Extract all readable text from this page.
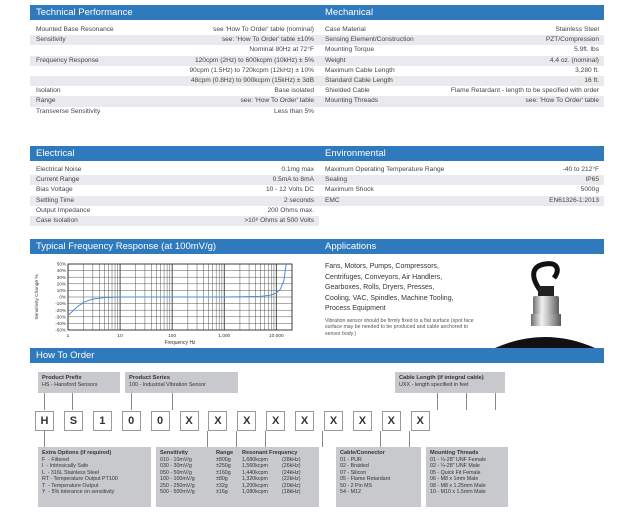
Technical Performance
Mounted Base Resonance	see 'How To Order' table (nominal)
Sensitivity	see: 'How To Order' table ±10%
Nominal 80Hz at 72°F
Frequency Response	120cpm (2Hz) to 600kcpm (10kHz) ± 5%
90cpm (1.5Hz) to 720kcpm (12kHz) ± 10%
48cpm (0.8Hz) to 900kcpm (15kHz) ± 3dB
Isolation	Base isolated
Range	see: 'How To Order' table
Transverse Sensitivity	Less than 5%
Mechanical
Case Material	Stainless Steel
Sensing Element/Construction	PZT/Compression
Mounting Torque	5.9ft. lbs
Weight	4.4 oz. (nominal)
Maximum Cable Length	3,280 ft.
Standard Cable Length	16 ft.
Shielded Cable	Flame Retardant - length to be specified with order
Mounting Threads	see: 'How To Order' table
Electrical
Electrical Noise	0.1mg max
Current Range	0.5mA to 8mA
Bias Voltage	10 - 12 Volts DC
Settling Time	2 seconds
Output Impedance	200 Ohms max.
Case Isolation	>10⁸ Ohms at 500 Volts
Environmental
Maximum Operating Temperature Range	-40 to 212°F
Sealing	IP65
Maximum Shock	5000g
EMC	EN61326-1:2013
Typical Frequency Response (at 100mV/g)
50%
40%
30%
20%
10%
0%
-10%
-20%
-30%
-40%
-50%
1	10	100	1,000	10,000
Frequency Hz
Sensitivity Change %
Applications
Fans, Motors, Pumps, Compressors,
Centrifuges, Conveyors, Air Handlers,
Gearboxes, Rolls, Dryers, Presses,
Cooling, VAC, Spindles, Machine Tooling,
Process Equipment
Vibration sensor should be firmly fixed to a flat surface (spot face surface may be needed to be produced and cable anchored to sensor body.)
How To Order
Product Prefix
HS - Hansford Sensors
Product Series
100 - Industrial Vibration Sensor
Cable Length (if integral cable)
UXX - length specified in feet
H	S	1	0	0	X	X	X	X	X	X	X	X	X
Extra Options (if required)
F  - Filtered
I  - Intrinsically Safe
L  - 316L Stainless Steel
RT - Temperature Output PT100
T  - Temperature Output
Y  - 5% tolerance on sensitivity
Sensitivity	Range	Resonant Frequency
010 - 10mV/g	±800g	1,680kcpm	(28kHz)
030 - 30mV/g	±250g	1,560kcpm	(26kHz)
050 - 50mV/g	±160g	1,440kcpm	(24kHz)
100 - 100mV/g	±80g	1,320kcpm	(22kHz)
250 - 250mV/g	±32g	1,200kcpm	(20kHz)
500 - 500mV/g	±16g	1,080kcpm	(18kHz)
Cable/Connector
01 - PUR
02 - Braided
07 - Silicon
05 - Flame Retardant
50 - 2 Pin MS
54 - M12
Mounting Threads
01 - ¼-28" UNF Female
02 - ¼-28" UNF Male
05 - Quick Fit Female
06 - M8 x 1mm Male
08 - M8 x 1.25mm Male
10 - M10 x 1.5mm Male
